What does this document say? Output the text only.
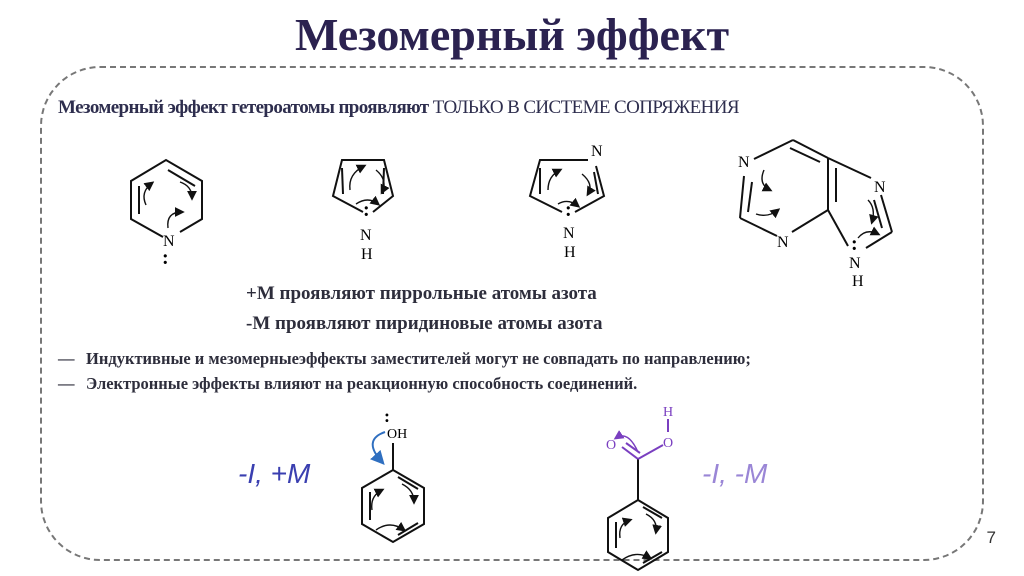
Мезомерный эффект
Мезомерный эффект гетероатомы проявляют ТОЛЬКО В СИСТЕМЕ СОПРЯЖЕНИЯ
N
:
:
N
H
N
:
N
H
N
N
N	:
N
H
:
OH
O	O
H
+М проявляют пиррольные атомы азота
-М проявляют пиридиновые атомы азота
— Индуктивные и мезомерныеэффекты заместителей могут не совпадать по направлению;
— Электронные эффекты влияют на реакционную способность соединений.
-I, +M	-I, -M
7
